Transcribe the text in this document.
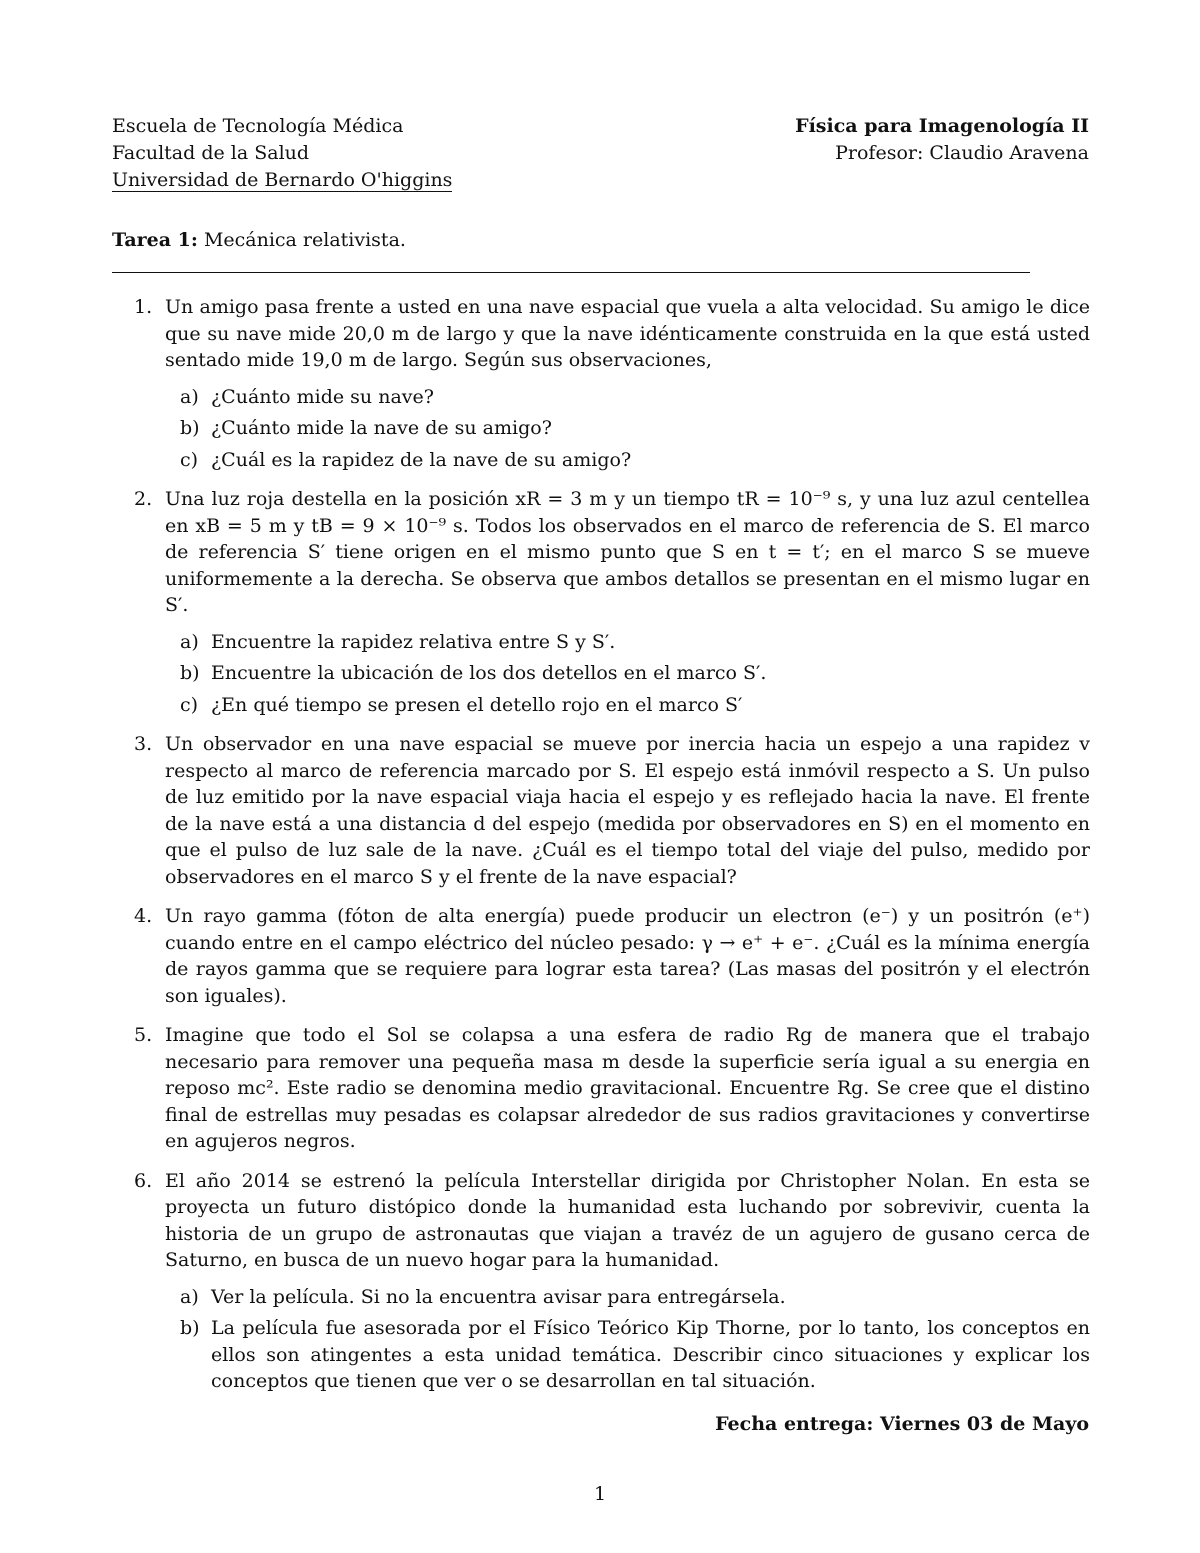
Escuela de Tecnología Médica
Facultad de la Salud
Universidad de Bernardo O'higgins
Física para Imagenología II
Profesor: Claudio Aravena
Tarea 1: Mecánica relativista.
1. Un amigo pasa frente a usted en una nave espacial que vuela a alta velocidad. Su amigo le dice que su nave mide 20,0 m de largo y que la nave idénticamente construida en la que está usted sentado mide 19,0 m de largo. Según sus observaciones,
a) ¿Cuánto mide su nave?
b) ¿Cuánto mide la nave de su amigo?
c) ¿Cuál es la rapidez de la nave de su amigo?
2. Una luz roja destella en la posición xR = 3 m y un tiempo tR = 10⁻⁹ s, y una luz azul centellea en xB = 5 m y tB = 9 × 10⁻⁹ s. Todos los observados en el marco de referencia de S. El marco de referencia S′ tiene origen en el mismo punto que S en t = t′; en el marco S se mueve uniformemente a la derecha. Se observa que ambos detallos se presentan en el mismo lugar en S′.
a) Encuentre la rapidez relativa entre S y S′.
b) Encuentre la ubicación de los dos detellos en el marco S′.
c) ¿En qué tiempo se presen el detello rojo en el marco S′
3. Un observador en una nave espacial se mueve por inercia hacia un espejo a una rapidez v respecto al marco de referencia marcado por S. El espejo está inmóvil respecto a S. Un pulso de luz emitido por la nave espacial viaja hacia el espejo y es reflejado hacia la nave. El frente de la nave está a una distancia d del espejo (medida por observadores en S) en el momento en que el pulso de luz sale de la nave. ¿Cuál es el tiempo total del viaje del pulso, medido por observadores en el marco S y el frente de la nave espacial?
4. Un rayo gamma (fóton de alta energía) puede producir un electron (e⁻) y un positrón (e⁺) cuando entre en el campo eléctrico del núcleo pesado: γ → e⁺ + e⁻. ¿Cuál es la mínima energía de rayos gamma que se requiere para lograr esta tarea? (Las masas del positrón y el electrón son iguales).
5. Imagine que todo el Sol se colapsa a una esfera de radio Rg de manera que el trabajo necesario para remover una pequeña masa m desde la superficie sería igual a su energia en reposo mc². Este radio se denomina medio gravitacional. Encuentre Rg. Se cree que el distino final de estrellas muy pesadas es colapsar alrededor de sus radios gravitaciones y convertirse en agujeros negros.
6. El año 2014 se estrenó la película Interstellar dirigida por Christopher Nolan. En esta se proyecta un futuro distópico donde la humanidad esta luchando por sobrevivir, cuenta la historia de un grupo de astronautas que viajan a travéz de un agujero de gusano cerca de Saturno, en busca de un nuevo hogar para la humanidad.
a) Ver la película. Si no la encuentra avisar para entregársela.
b) La película fue asesorada por el Físico Teórico Kip Thorne, por lo tanto, los conceptos en ellos son atingentes a esta unidad temática. Describir cinco situaciones y explicar los conceptos que tienen que ver o se desarrollan en tal situación.
Fecha entrega: Viernes 03 de Mayo
1
